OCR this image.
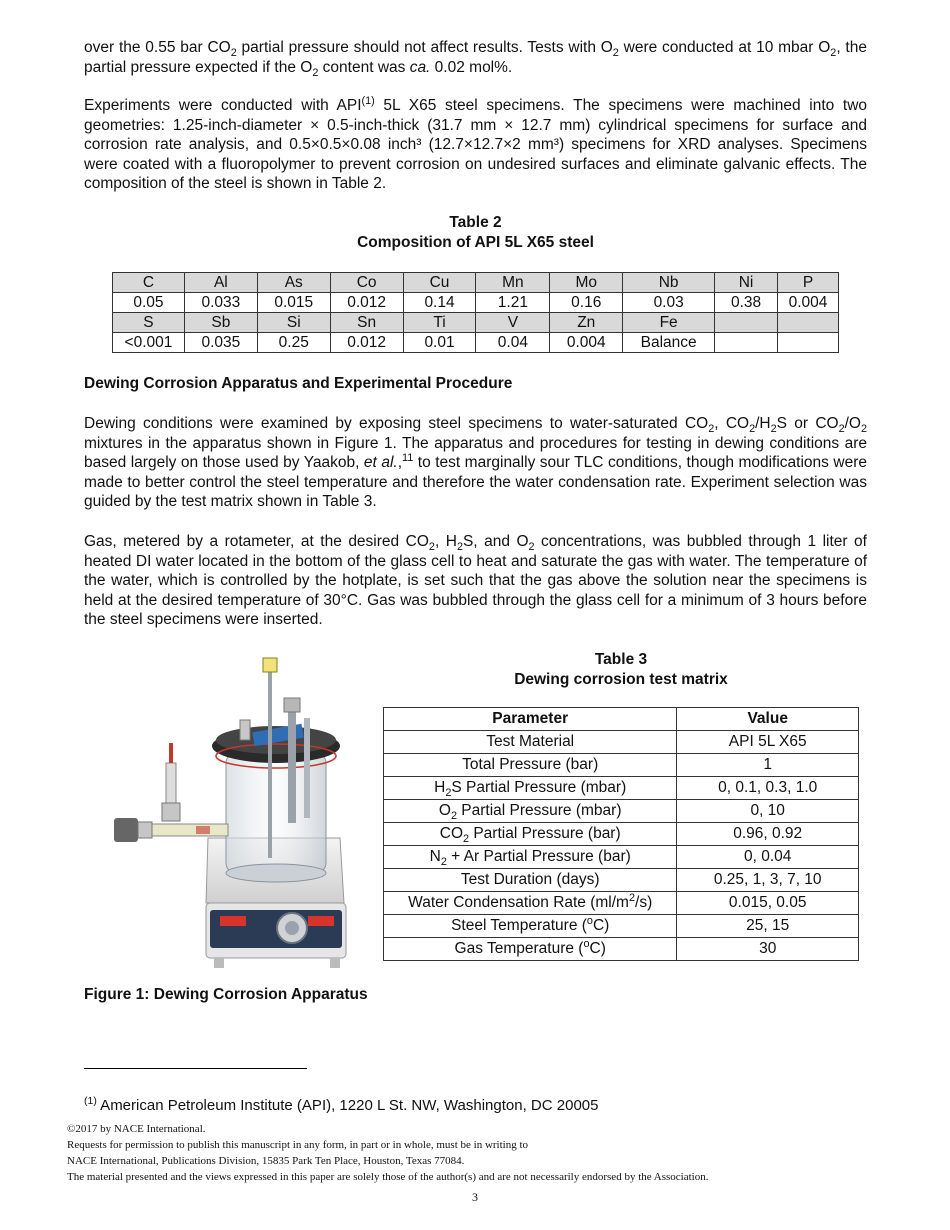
over the 0.55 bar $CO_2$ partial pressure should not affect results. Tests with $O_2$ were conducted at 10 mbar $O_2$, the partial pressure expected if the $O_2$ content was ca. 0.02 mol%.

Experiments were conducted with API$^{(1)}$ 5L X65 steel specimens. The specimens were machined into two geometries: 1.25-inch-diameter × 0.5-inch-thick (31.7 mm × 12.7 mm) cylindrical specimens for surface and corrosion rate analysis, and 0.5×0.5×0.08 inch³ (12.7×12.7×2 mm³) specimens for XRD analyses. Specimens were coated with a fluoropolymer to prevent corrosion on undesired surfaces and eliminate galvanic effects. The composition of the steel is shown in Table 2.

Table 2
Composition of API 5L X65 steel
C	Al	As	Co	Cu	Mn	Mo	Nb	Ni	P
0.05	0.033	0.015	0.012	0.14	1.21	0.16	0.03	0.38	0.004
S	Sb	Si	Sn	Ti	V	Zn	Fe		
<0.001	0.035	0.25	0.012	0.01	0.04	0.004	Balance		
Dewing Corrosion Apparatus and Experimental Procedure

Dewing conditions were examined by exposing steel specimens to water-saturated $CO_2$, $CO_2/H_2S$ or $CO_2/O_2$ mixtures in the apparatus shown in Figure 1. The apparatus and procedures for testing in dewing conditions are based largely on those used by Yaakob, et al.,$^{11}$ to test marginally sour TLC conditions, though modifications were made to better control the steel temperature and therefore the water condensation rate. Experiment selection was guided by the test matrix shown in Table 3.

Gas, metered by a rotameter, at the desired $CO_2$, $H_2S$, and $O_2$ concentrations, was bubbled through 1 liter of heated DI water located in the bottom of the glass cell to heat and saturate the gas with water. The temperature of the water, which is controlled by the hotplate, is set such that the gas above the solution near the specimens is held at the desired temperature of 30°C. Gas was bubbled through the glass cell for a minimum of 3 hours before the steel specimens were inserted.

Table 3
Dewing corrosion test matrix
Parameter	Value
Test Material	API 5L X65
Total Pressure (bar)	1
$H_2S$ Partial Pressure (mbar)	0, 0.1, 0.3, 1.0
$O_2$ Partial Pressure (mbar)	0, 10
$CO_2$ Partial Pressure (bar)	0.96, 0.92
$N_2 + Ar$ Partial Pressure (bar)	0, 0.04
Test Duration (days)	0.25, 1, 3, 7, 10
Water Condensation Rate $(ml/m^2/s)$	0.015, 0.05
Steel Temperature ($^o$C)	25, 15
Gas Temperature ($^o$C)	30
Figure 1: Dewing Corrosion Apparatus
$^{(1)}$ American Petroleum Institute (API), 1220 L St. NW, Washington, DC 20005
©2017 by NACE International.
Requests for permission to publish this manuscript in any form, in part or in whole, must be in writing to
NACE International, Publications Division, 15835 Park Ten Place, Houston, Texas 77084.
The material presented and the views expressed in this paper are solely those of the author(s) and are not necessarily endorsed by the Association.
3
